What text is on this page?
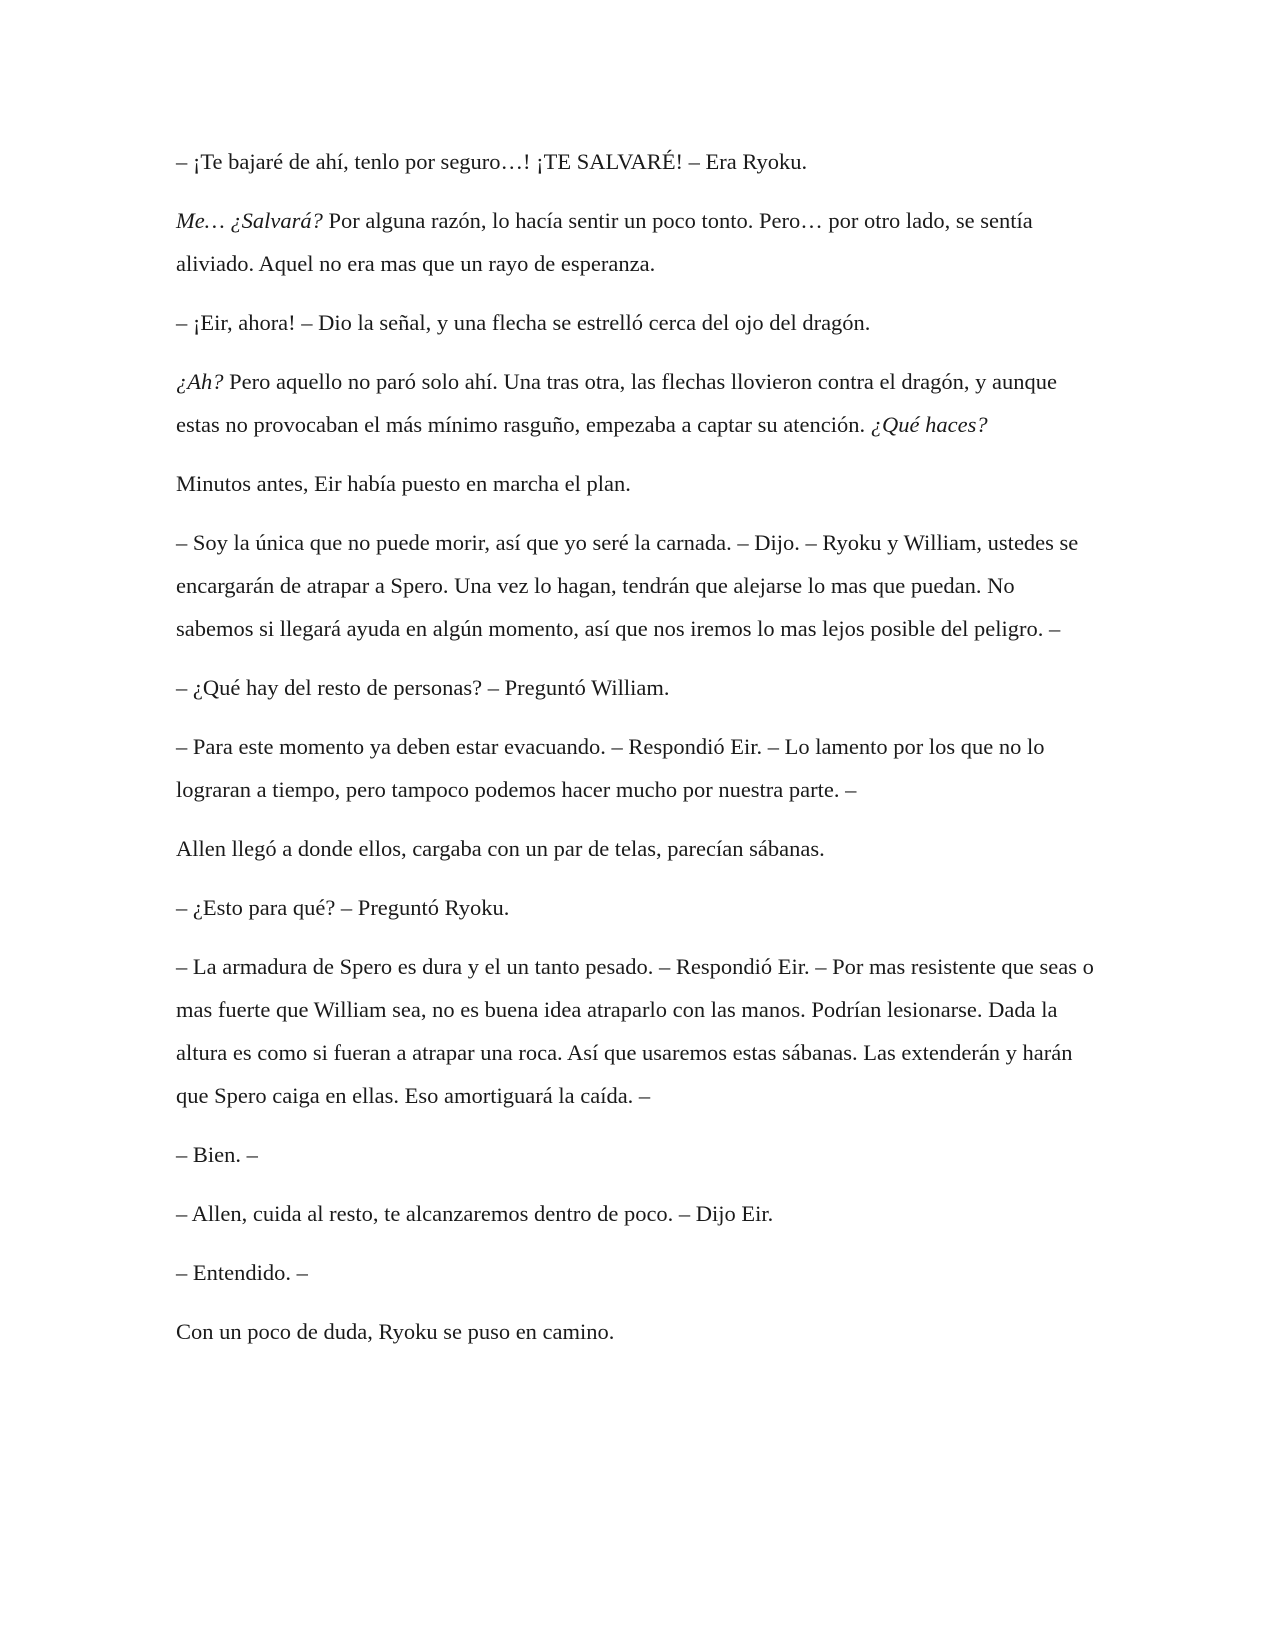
– ¡Te bajaré de ahí, tenlo por seguro…! ¡TE SALVARÉ! – Era Ryoku.

Me… ¿Salvará? Por alguna razón, lo hacía sentir un poco tonto. Pero… por otro lado, se sentía aliviado. Aquel no era mas que un rayo de esperanza.

– ¡Eir, ahora! – Dio la señal, y una flecha se estrelló cerca del ojo del dragón.

¿Ah? Pero aquello no paró solo ahí. Una tras otra, las flechas llovieron contra el dragón, y aunque estas no provocaban el más mínimo rasguño, empezaba a captar su atención. ¿Qué haces?

Minutos antes, Eir había puesto en marcha el plan.

– Soy la única que no puede morir, así que yo seré la carnada. – Dijo. – Ryoku y William, ustedes se encargarán de atrapar a Spero. Una vez lo hagan, tendrán que alejarse lo mas que puedan. No sabemos si llegará ayuda en algún momento, así que nos iremos lo mas lejos posible del peligro. –

– ¿Qué hay del resto de personas? – Preguntó William.

– Para este momento ya deben estar evacuando. – Respondió Eir. – Lo lamento por los que no lo lograran a tiempo, pero tampoco podemos hacer mucho por nuestra parte. –

Allen llegó a donde ellos, cargaba con un par de telas, parecían sábanas.

– ¿Esto para qué? – Preguntó Ryoku.

– La armadura de Spero es dura y el un tanto pesado. – Respondió Eir. – Por mas resistente que seas o mas fuerte que William sea, no es buena idea atraparlo con las manos. Podrían lesionarse. Dada la altura es como si fueran a atrapar una roca. Así que usaremos estas sábanas. Las extenderán y harán que Spero caiga en ellas. Eso amortiguará la caída. –

– Bien. –

– Allen, cuida al resto, te alcanzaremos dentro de poco. – Dijo Eir.

– Entendido. –

Con un poco de duda, Ryoku se puso en camino.
